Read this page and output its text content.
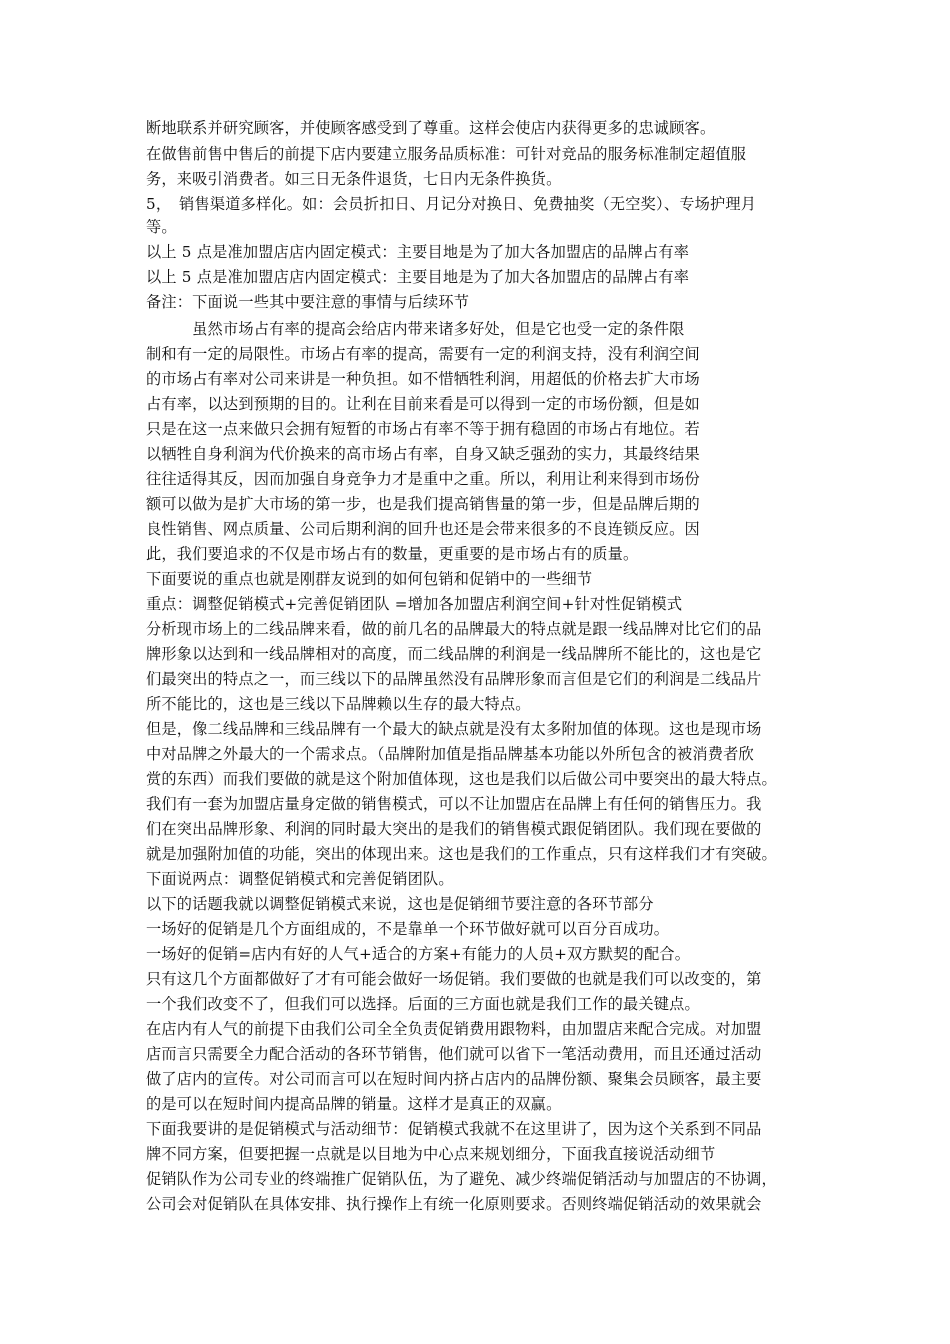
断地联系并研究顾客，并使顾客感受到了尊重。这样会使店内获得更多的忠诚顾客。
在做售前售中售后的前提下店内要建立服务品质标准：可针对竞品的服务标准制定超值服
务，来吸引消费者。如三日无条件退货，七日内无条件换货。
5，　销售渠道多样化。如：会员折扣日、月记分对换日、免费抽奖（无空奖）、专场护理月
等。
以上 5 点是准加盟店店内固定模式：主要目地是为了加大各加盟店的品牌占有率
以上 5 点是准加盟店店内固定模式：主要目地是为了加大各加盟店的品牌占有率
备注：下面说一些其中要注意的事情与后续环节
　　　虽然市场占有率的提高会给店内带来诸多好处，但是它也受一定的条件限
制和有一定的局限性。市场占有率的提高，需要有一定的利润支持，没有利润空间
的市场占有率对公司来讲是一种负担。如不惜牺牲利润，用超低的价格去扩大市场
占有率，以达到预期的目的。让利在目前来看是可以得到一定的市场份额，但是如
只是在这一点来做只会拥有短暂的市场占有率不等于拥有稳固的市场占有地位。若
以牺牲自身利润为代价换来的高市场占有率，自身又缺乏强劲的实力，其最终结果
往往适得其反，因而加强自身竞争力才是重中之重。所以，利用让利来得到市场份
额可以做为是扩大市场的第一步，也是我们提高销售量的第一步，但是品牌后期的
良性销售、网点质量、公司后期利润的回升也还是会带来很多的不良连锁反应。因
此，我们要追求的不仅是市场占有的数量，更重要的是市场占有的质量。
下面要说的重点也就是刚群友说到的如何包销和促销中的一些细节
重点：调整促销模式+完善促销团队 =增加各加盟店利润空间+针对性促销模式
分析现市场上的二线品牌来看，做的前几名的品牌最大的特点就是跟一线品牌对比它们的品
牌形象以达到和一线品牌相对的高度，而二线品牌的利润是一线品牌所不能比的，这也是它
们最突出的特点之一，而三线以下的品牌虽然没有品牌形象而言但是它们的利润是二线品片
所不能比的，这也是三线以下品牌赖以生存的最大特点。
但是，像二线品牌和三线品牌有一个最大的缺点就是没有太多附加值的体现。这也是现市场
中对品牌之外最大的一个需求点。（品牌附加值是指品牌基本功能以外所包含的被消费者欣
赏的东西）而我们要做的就是这个附加值体现，这也是我们以后做公司中要突出的最大特点。
我们有一套为加盟店量身定做的销售模式，可以不让加盟店在品牌上有任何的销售压力。我
们在突出品牌形象、利润的同时最大突出的是我们的销售模式跟促销团队。我们现在要做的
就是加强附加值的功能，突出的体现出来。这也是我们的工作重点，只有这样我们才有突破。
下面说两点：调整促销模式和完善促销团队。
以下的话题我就以调整促销模式来说，这也是促销细节要注意的各环节部分
一场好的促销是几个方面组成的，不是靠单一个环节做好就可以百分百成功。
一场好的促销=店内有好的人气+适合的方案+有能力的人员+双方默契的配合。
只有这几个方面都做好了才有可能会做好一场促销。我们要做的也就是我们可以改变的，第
一个我们改变不了，但我们可以选择。后面的三方面也就是我们工作的最关键点。
在店内有人气的前提下由我们公司全全负责促销费用跟物料，由加盟店来配合完成。对加盟
店而言只需要全力配合活动的各环节销售，他们就可以省下一笔活动费用，而且还通过活动
做了店内的宣传。对公司而言可以在短时间内挤占店内的品牌份额、聚集会员顾客，最主要
的是可以在短时间内提高品牌的销量。这样才是真正的双赢。
下面我要讲的是促销模式与活动细节：促销模式我就不在这里讲了，因为这个关系到不同品
牌不同方案，但要把握一点就是以目地为中心点来规划细分，下面我直接说活动细节
促销队作为公司专业的终端推广促销队伍，为了避免、减少终端促销活动与加盟店的不协调，
公司会对促销队在具体安排、执行操作上有统一化原则要求。否则终端促销活动的效果就会
